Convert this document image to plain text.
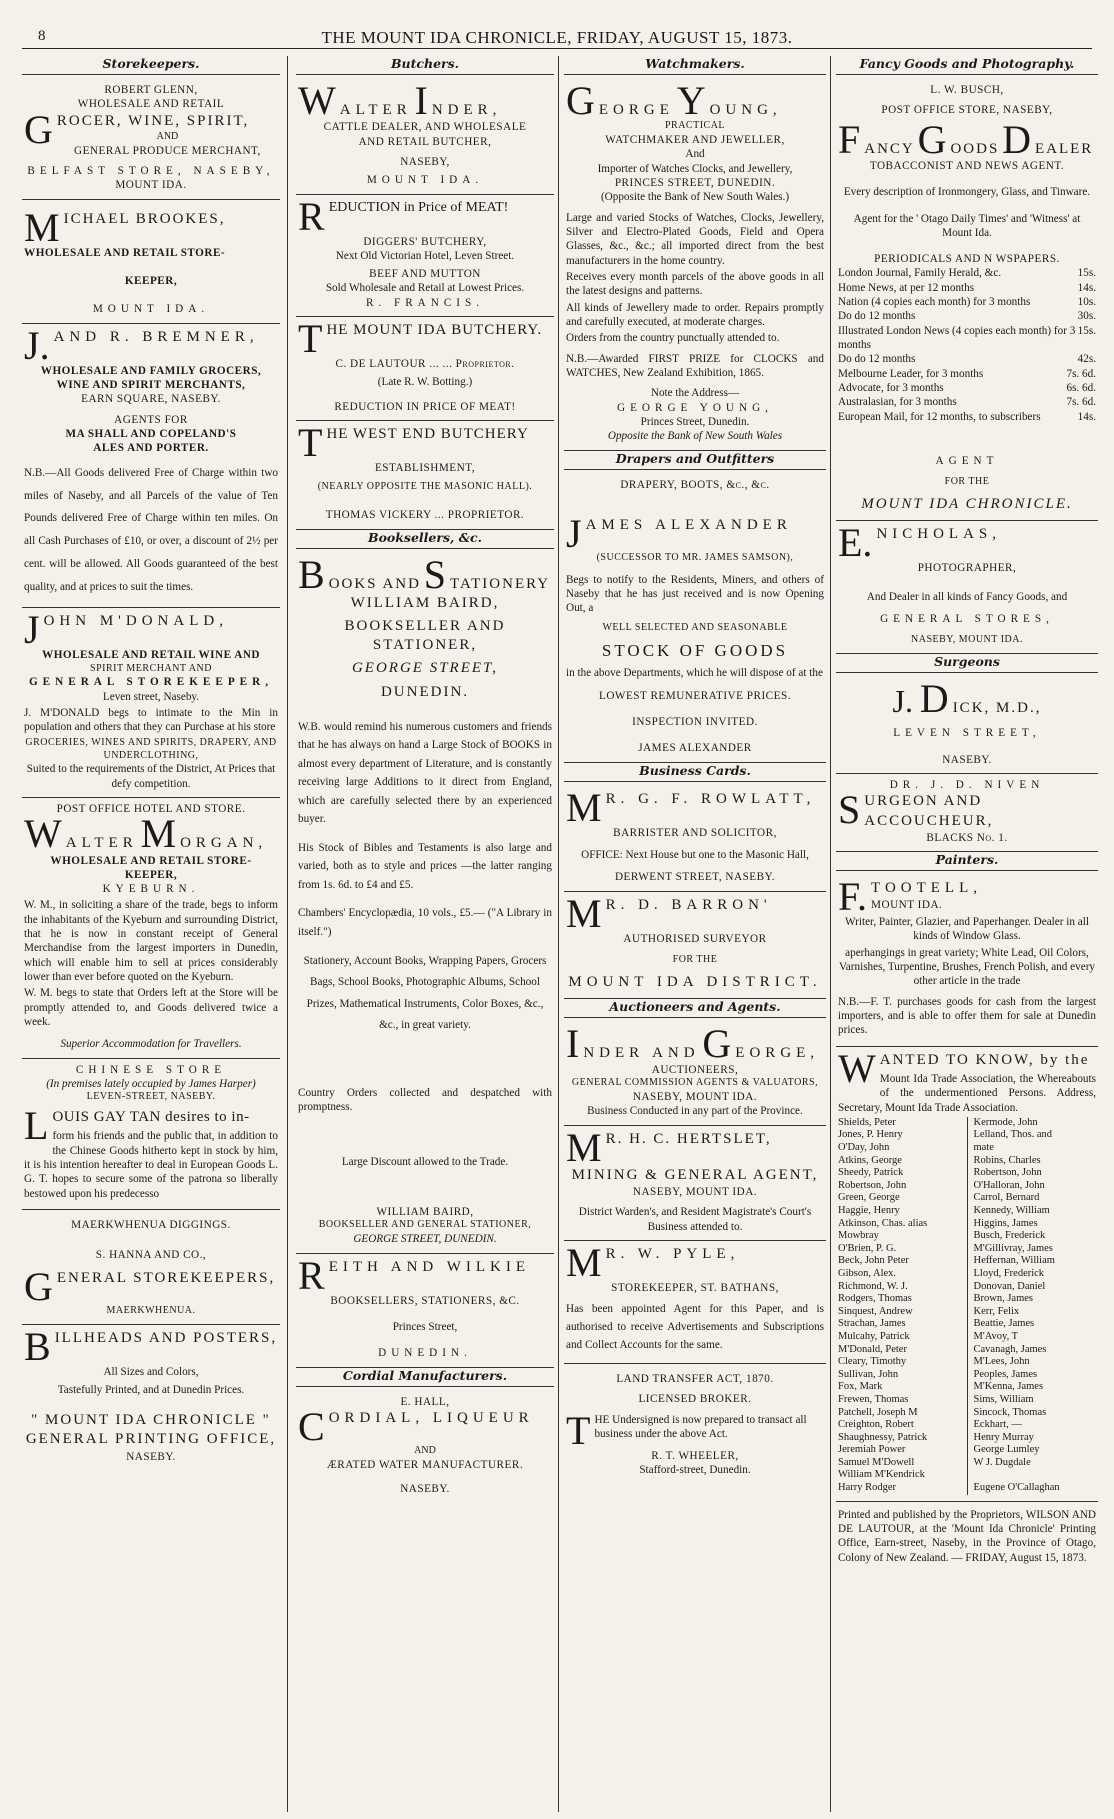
8	THE MOUNT IDA CHRONICLE, FRIDAY, AUGUST 15, 1873.
Storekeepers.
ROBERT GLENN,
WHOLESALE AND RETAIL
GROCER, WINE, SPIRIT,
AND
GENERAL PRODUCE MERCHANT,
BELFAST STORE, NASEBY,
MOUNT IDA.
MICHAEL BROOKES,
WHOLESALE AND RETAIL STORE-
KEEPER,
MOUNT IDA.
J. AND R. BREMNER,
WHOLESALE AND FAMILY GROCERS,
WINE AND SPIRIT MERCHANTS,
EARN SQUARE, NASEBY.
AGENTS FOR
MA SHALL AND COPELAND'S
ALES AND PORTER.

N.B.—All Goods delivered Free of Charge within two miles of Naseby, and all Parcels of the value of Ten Pounds delivered Free of Charge within ten miles. On all Cash Purchases of £10, or over, a discount of 2½ per cent. will be allowed. All Goods guaranteed of the best quality, and at prices to suit the times.

JOHN M'DONALD,
WHOLESALE AND RETAIL WINE AND
SPIRIT MERCHANT AND
GENERAL STOREKEEPER,
Leven street, Naseby.

J. M'DONALD begs to intimate to the Min in population and others that they can Purchase at his store

GROCERIES, WINES AND SPIRITS, DRAPERY, AND UNDERCLOTHING,
Suited to the requirements of the District, At Prices that defy competition.
POST OFFICE HOTEL AND STORE.
WALTER M ORGAN,
WHOLESALE AND RETAIL STORE-
KEEPER,
KYEBURN.

W. M., in soliciting a share of the trade, begs to inform the inhabitants of the Kyeburn and surrounding District, that he is now in constant receipt of General Merchandise from the largest importers in Dunedin, which will enable him to sell at prices considerably lower than ever before quoted on the Kyeburn.

W. M. begs to state that Orders left at the Store will be promptly attended to, and Goods delivered twice a week.

Superior Accommodation for Travellers.
CHINESE STORE
(In premises lately occupied by James Harper)
LEVEN-STREET, NASEBY.
LOUIS GAY TAN desires to in-

form his friends and the public that, in addition to the Chinese Goods hitherto kept in stock by him, it is his intention hereafter to deal in European Goods L. G. T. hopes to secure some of the patrona so liberally bestowed upon his predecesso

MAERKWHENUA DIGGINGS.
S. HANNA AND CO.,
GENERAL STOREKEEPERS,
MAERKWHENUA.
BILLHEADS AND POSTERS,
All Sizes and Colors,
Tastefully Printed, and at Dunedin Prices.
" MOUNT IDA CHRONICLE "
GENERAL PRINTING OFFICE,
NASEBY.
Butchers.
WALTER I NDER,
CATTLE DEALER, AND WHOLESALE
AND RETAIL BUTCHER,
NASEBY,
MOUNT IDA.
REDUCTION in Price of MEAT!
DIGGERS' BUTCHERY,
Next Old Victorian Hotel, Leven Street.
BEEF AND MUTTON
Sold Wholesale and Retail at Lowest Prices.
R. FRANCIS.
THE MOUNT IDA BUTCHERY.
C. DE LAUTOUR ... ... Proprietor.
(Late R. W. Botting.)
REDUCTION IN PRICE OF MEAT!
THE WEST END BUTCHERY
ESTABLISHMENT,
(NEARLY OPPOSITE THE MASONIC HALL).
THOMAS VICKERY ... PROPRIETOR.
Booksellers, &c.
BOOKS AND S TATIONERY
WILLIAM BAIRD,
BOOKSELLER AND STATIONER,
GEORGE STREET,
DUNEDIN.

W.B. would remind his numerous customers and friends that he has always on hand a Large Stock of BOOKS in almost every department of Literature, and is constantly receiving large Additions to it direct from England, which are carefully selected there by an experienced buyer.

His Stock of Bibles and Testaments is also large and varied, both as to style and prices —the latter ranging from 1s. 6d. to £4 and £5.

Chambers' Encyclopædia, 10 vols., £5.— ("A Library in itself.")

Stationery, Account Books, Wrapping Papers, Grocers Bags, School Books, Photographic Albums, School Prizes, Mathematical Instruments, Color Boxes, &c., &c., in great variety.

Country Orders collected and despatched with promptness.

Large Discount allowed to the Trade.

WILLIAM BAIRD,
BOOKSELLER AND GENERAL STATIONER,
GEORGE STREET, DUNEDIN.
REITH AND WILKIE
BOOKSELLERS, STATIONERS, &C.
Princes Street,
DUNEDIN.
Cordial Manufacturers.
E. HALL,
CORDIAL, LIQUEUR
AND
ÆRATED WATER MANUFACTURER.
NASEBY.
Watchmakers.
GEORGE Y OUNG,
PRACTICAL
WATCHMAKER AND JEWELLER,
And
Importer of Watches Clocks, and Jewellery,
PRINCES STREET, DUNEDIN.
(Opposite the Bank of New South Wales.)

Large and varied Stocks of Watches, Clocks, Jewellery, Silver and Electro-Plated Goods, Field and Opera Glasses, &c., &c.; all imported direct from the best manufacturers in the home country.

Receives every month parcels of the above goods in all the latest designs and patterns.

All kinds of Jewellery made to order. Repairs promptly and carefully executed, at moderate charges.

Orders from the country punctually attended to.

N.B.—Awarded FIRST PRIZE for CLOCKS and WATCHES, New Zealand Exhibition, 1865.

Note the Address—
GEORGE YOUNG,
Princes Street, Dunedin.
Opposite the Bank of New South Wales
Drapers and Outfitters
DRAPERY, BOOTS, &c., &c.
JAMES ALEXANDER
(SUCCESSOR TO MR. JAMES SAMSON),

Begs to notify to the Residents, Miners, and others of Naseby that he has just received and is now Opening Out, a

WELL SELECTED AND SEASONABLE
STOCK OF GOODS

in the above Departments, which he will dispose of at the

LOWEST REMUNERATIVE PRICES.
INSPECTION INVITED.
JAMES ALEXANDER
Business Cards.
M R. G. F. ROWLATT,
BARRISTER AND SOLICITOR,
OFFICE: Next House but one to the Masonic Hall,
DERWENT STREET, NASEBY.
M R. D. BARRON'
AUTHORISED SURVEYOR
FOR THE
MOUNT IDA DISTRICT.
Auctioneers and Agents.
INDER AND G EORGE,
AUCTIONEERS,
GENERAL COMMISSION AGENTS & VALUATORS,
NASEBY, MOUNT IDA.
Business Conducted in any part of the Province.
M R. H. C. HERTSLET,
MINING & GENERAL AGENT,
NASEBY, MOUNT IDA.
District Warden's, and Resident Magistrate's Court's Business attended to.
M R. W. PYLE,
STOREKEEPER, ST. BATHANS,

Has been appointed Agent for this Paper, and is authorised to receive Advertisements and Subscriptions and Collect Accounts for the same.

LAND TRANSFER ACT, 1870.
LICENSED BROKER.
THE Undersigned is now prepared to transact all business under the above Act.
R. T. WHEELER,
Stafford-street, Dunedin.
Fancy Goods and Photography.
L. W. BUSCH,
POST OFFICE STORE, NASEBY,
FANCY G OODS D EALER
TOBACCONIST AND NEWS AGENT.

Every description of Ironmongery, Glass, and Tinware.

Agent for the ' Otago Daily Times' and 'Witness' at Mount Ida.

PERIODICALS AND N WSPAPERS.
London Journal, Family Herald, &c.	15s.
Home News, at per 12 months	14s.
Nation (4 copies each month) for 3 months	10s.
Do do 12 months	30s.
Illustrated London News (4 copies each month) for 3 months
15s.
Do do 12 months	42s.
Melbourne Leader, for 3 months	7s. 6d.
Advocate, for 3 months	6s. 6d.
Australasian, for 3 months	7s. 6d.
European Mail, for 12 months, to subscribers	14s.
AGENT
FOR THE
MOUNT IDA CHRONICLE.
E. NICHOLAS,
PHOTOGRAPHER,
And Dealer in all kinds of Fancy Goods, and
GENERAL STORES,
NASEBY, MOUNT IDA.
Surgeons
J. D ICK, M.D.,
LEVEN STREET,
NASEBY.
DR. J. D. NIVEN
SURGEON AND ACCOUCHEUR,
BLACKS No. 1.
Painters.
F. TOOTELL,
MOUNT IDA.

Writer, Painter, Glazier, and Paperhanger. Dealer in all kinds of Window Glass.

aperhangings in great variety; White Lead, Oil Colors, Varnishes, Turpentine, Brushes, French Polish, and every other article in the trade

N.B.—F. T. purchases goods for cash from the largest importers, and is able to offer them for sale at Dunedin prices.

WANTED TO KNOW, by the

Mount Ida Trade Association, the Whereabouts of the undermentioned Persons. Address, Secretary, Mount Ida Trade Association.

Shields, Peter
Jones, P. Henry
O'Day, John
Atkins, George
Sheedy, Patrick
Robertson, John
Green, George
Haggie, Henry
Atkinson, Chas. alias
Mowbray
O'Brien, P. G.
Beck, John Peter
Gibson, Alex.
Richmond, W. J.
Rodgers, Thomas
Sinquest, Andrew
Strachan, James
Mulcahy, Patrick
M'Donald, Peter
Cleary, Timothy
Sullivan, John
Fox, Mark
Frewen, Thomas
Patchell, Joseph M
Creighton, Robert
Shaughnessy, Patrick
Jeremiah Power
Samuel M'Dowell
William M'Kendrick
Harry Rodger
Kermode, John
Lelland, Thos. and
mate
Robins, Charles
Robertson, John
O'Halloran, John
Carrol, Bernard
Kennedy, William
Higgins, James
Busch, Frederick
M'Gillivray, James
Heffernan, William
Lloyd, Frederick
Donovan, Daniel
Brown, James
Kerr, Felix
Beattie, James
M'Avoy, T
Cavanagh, James
M'Lees, John
Peoples, James
M'Kenna, James
Sims, William
Sincock, Thomas
Eckhart, —
Henry Murray
George Lumley
W J. Dugdale

Eugene O'Callaghan

Printed and published by the Proprietors, WILSON AND DE LAUTOUR, at the 'Mount Ida Chronicle' Printing Office, Earn-street, Naseby, in the Province of Otago, Colony of New Zealand. — FRIDAY, August 15, 1873.
